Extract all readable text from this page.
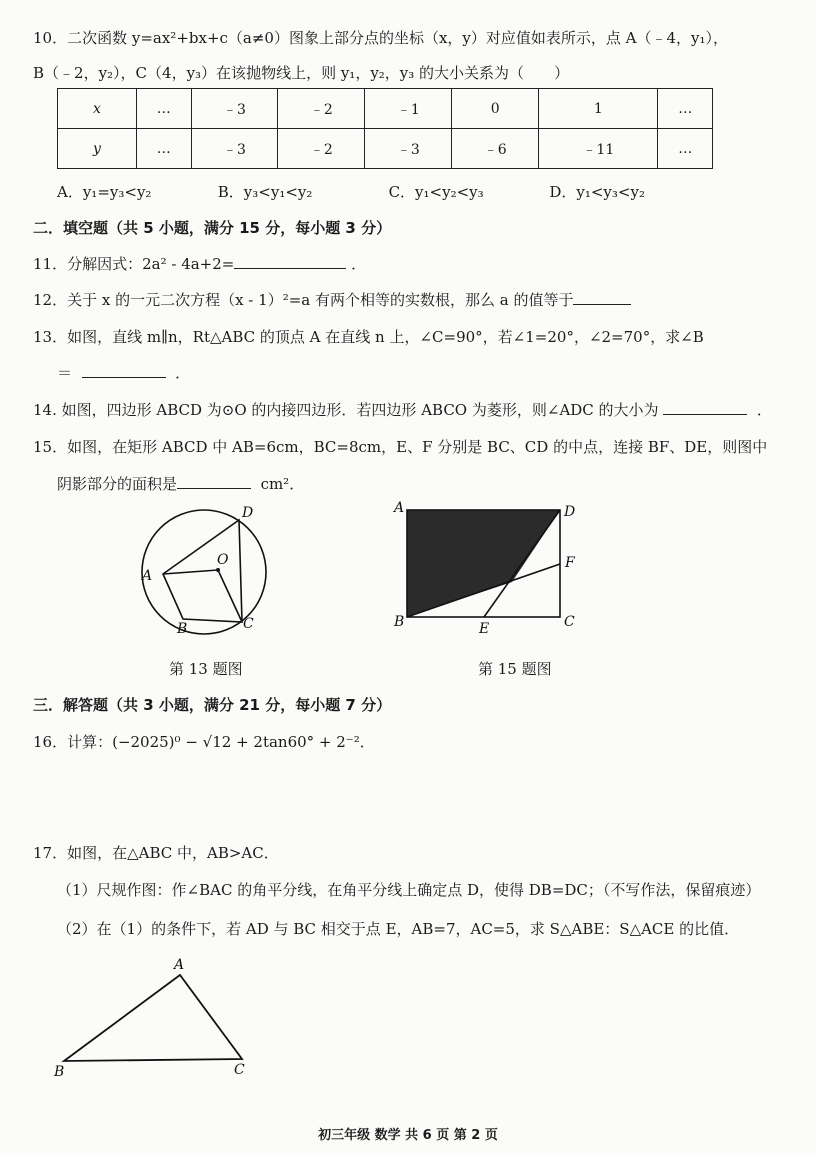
10．二次函数 y=ax²+bx+c（a≠0）图象上部分点的坐标（x，y）对应值如表所示，点 A（﹣4，y₁），
B（﹣2，y₂），C（4，y₃）在该抛物线上，则 y₁，y₂，y₃ 的大小关系为（　　）
x	…	﹣3	﹣2	﹣1	0	1	…
y	…	﹣3	﹣2	﹣3	﹣6	﹣11	…
A．y₁=y₃<y₂	B．y₃<y₁<y₂	C．y₁<y₂<y₃	D．y₁<y₃<y₂
二．填空题（共 5 小题，满分 15 分，每小题 3 分）
11．分解因式：2a² - 4a+2=	．
12．关于 x 的一元二次方程（x - 1）²=a 有两个相等的实数根，那么 a 的值等于
13．如图，直线 m∥n，Rt△ABC 的顶点 A 在直线 n 上，∠C=90°，若∠1=20°，∠2=70°，求∠B
＝	．
14. 如图，四边形 ABCD 为⊙O 的内接四边形．若四边形 ABCO 为菱形，则∠ADC 的大小为	．
15．如图，在矩形 ABCD 中 AB=6cm，BC=8cm，E、F 分别是 BC、CD 的中点，连接 BF、DE，则图中
阴影部分的面积是	cm²．
A
B	C
D
O
第 13 题图
A	D
F
B	E	C
第 15 题图
三．解答题（共 3 小题，满分 21 分，每小题 7 分）
16．计算：(−2025)⁰ − √12 + 2tan60° + 2⁻²．
17．如图，在△ABC 中，AB>AC．
（1）尺规作图：作∠BAC 的角平分线，在角平分线上确定点 D，使得 DB=DC；（不写作法，保留痕迹）
（2）在（1）的条件下，若 AD 与 BC 相交于点 E，AB=7，AC=5，求 S△ABE：S△ACE 的比值．
A
B	C
初三年级 数学 共 6 页 第 2 页
